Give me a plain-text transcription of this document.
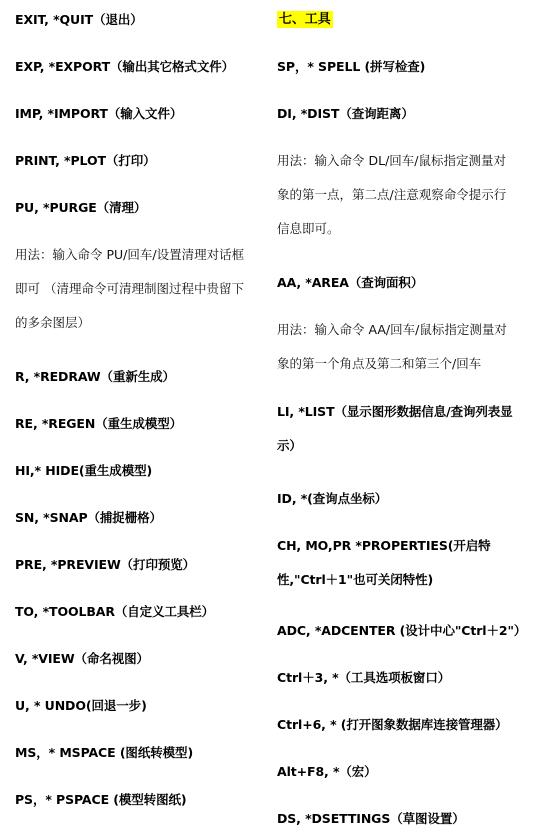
EXIT, *QUIT（退出）
EXP, *EXPORT（输出其它格式文件）
IMP, *IMPORT（输入文件）
PRINT, *PLOT（打印）
PU, *PURGE（清理）
用法：输入命令 PU/回车/设置清理对话框
即可 （清理命令可清理制图过程中贵留下
的多余图层）
R, *REDRAW（重新生成）
RE, *REGEN（重生成模型）
HI,* HIDE(重生成模型)
SN, *SNAP（捕捉栅格）
PRE, *PREVIEW（打印预览）
TO, *TOOLBAR（自定义工具栏）
V, *VIEW（命名视图）
U, * UNDO(回退一步)
MS，* MSPACE (图纸转模型)
PS，* PSPACE (模型转图纸)
七、工具
SP，* SPELL (拼写检查)
DI, *DIST（查询距离）
用法：输入命令 DL/回车/鼠标指定测量对
象的第一点，第二点/注意观察命令提示行
信息即可。
AA, *AREA（查询面积）
用法：输入命令 AA/回车/鼠标指定测量对
象的第一个角点及第二和第三个/回车
LI, *LIST（显示图形数据信息/查询列表显
示）
ID, *(查询点坐标）
CH, MO,PR *PROPERTIES(开启特
性,"Ctrl＋1"也可关闭特性)
ADC, *ADCENTER (设计中心"Ctrl＋2"）
Ctrl＋3, *（工具选项板窗口）
Ctrl+6, * (打开图象数据库连接管理器）
Alt+F8, *（宏）
DS, *DSETTINGS（草图设置）
